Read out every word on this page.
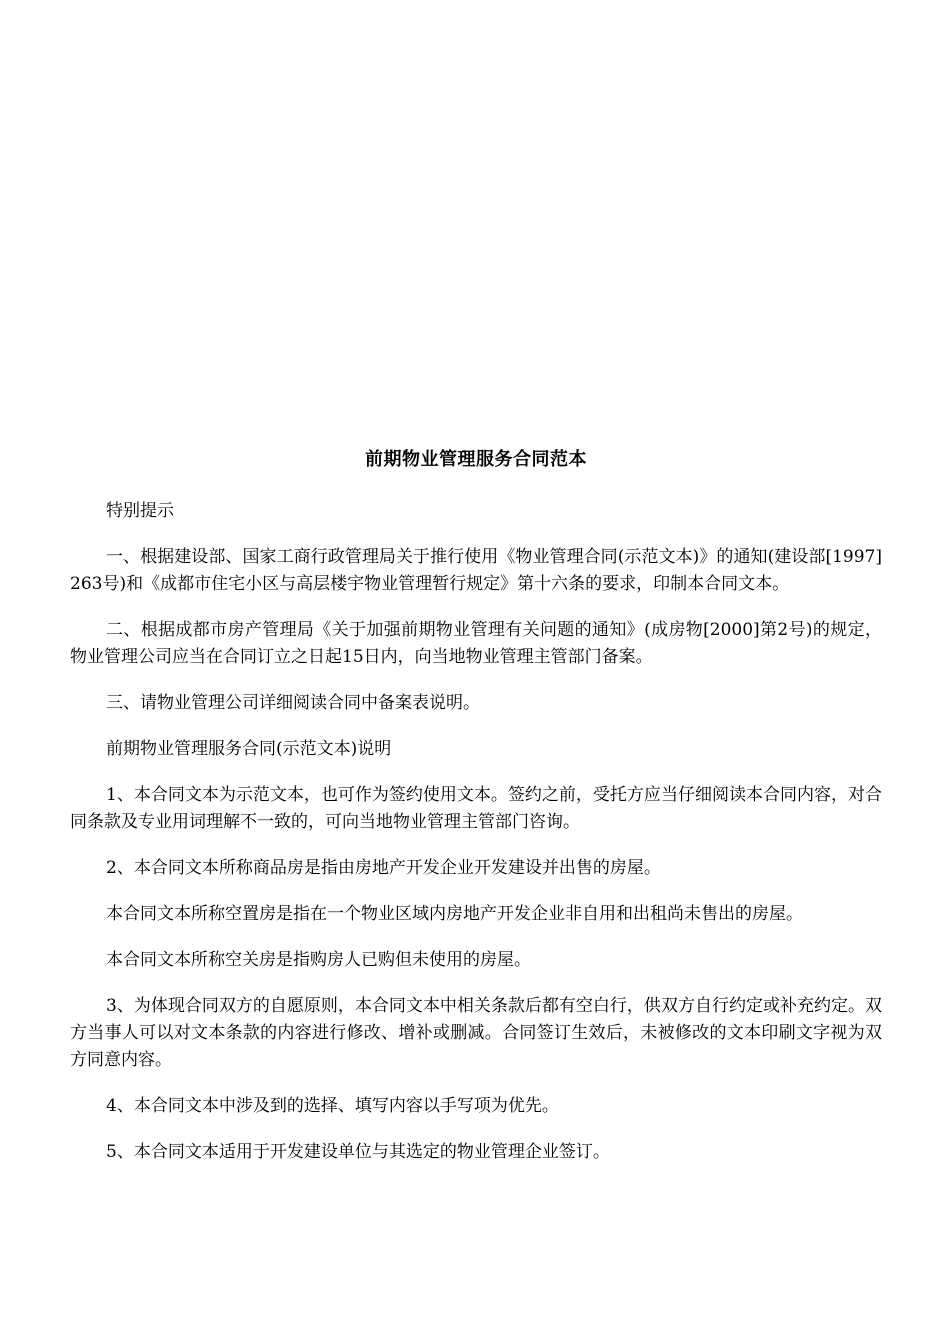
前期物业管理服务合同范本

特别提示

一、根据建设部、国家工商行政管理局关于推行使用《物业管理合同(示范文本)》的通知(建设部[1997]263号)和《成都市住宅小区与高层楼宇物业管理暂行规定》第十六条的要求，印制本合同文本。

二、根据成都市房产管理局《关于加强前期物业管理有关问题的通知》(成房物[2000]第2号)的规定，物业管理公司应当在合同订立之日起15日内，向当地物业管理主管部门备案。

三、请物业管理公司详细阅读合同中备案表说明。

前期物业管理服务合同(示范文本)说明

1、本合同文本为示范文本，也可作为签约使用文本。签约之前，受托方应当仔细阅读本合同内容，对合同条款及专业用词理解不一致的，可向当地物业管理主管部门咨询。

2、本合同文本所称商品房是指由房地产开发企业开发建设并出售的房屋。

本合同文本所称空置房是指在一个物业区域内房地产开发企业非自用和出租尚未售出的房屋。

本合同文本所称空关房是指购房人已购但未使用的房屋。

3、为体现合同双方的自愿原则，本合同文本中相关条款后都有空白行，供双方自行约定或补充约定。双方当事人可以对文本条款的内容进行修改、增补或删减。合同签订生效后，未被修改的文本印刷文字视为双方同意内容。

4、本合同文本中涉及到的选择、填写内容以手写项为优先。

5、本合同文本适用于开发建设单位与其选定的物业管理企业签订。
